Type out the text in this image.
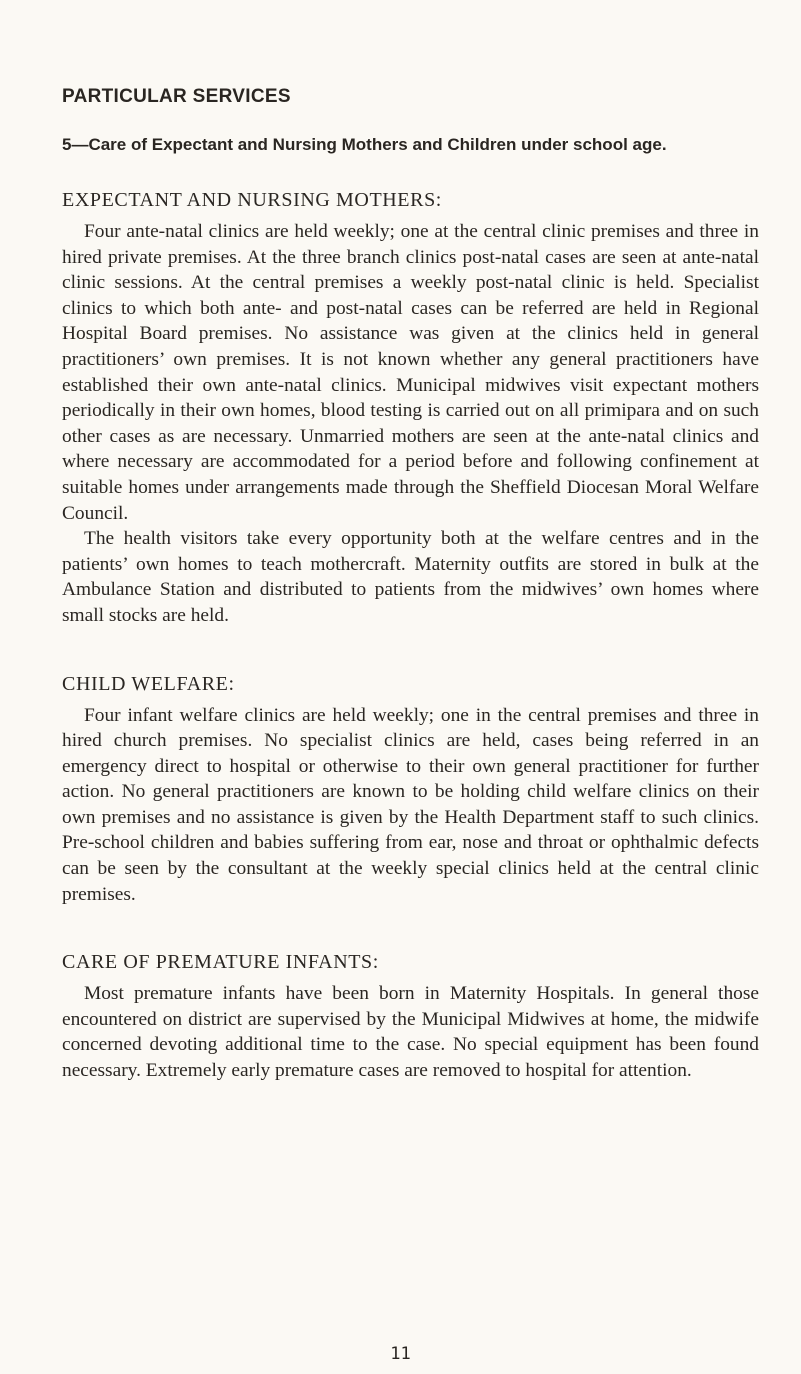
PARTICULAR SERVICES
5—Care of Expectant and Nursing Mothers and Children under school age.
EXPECTANT AND NURSING MOTHERS:

Four ante-natal clinics are held weekly; one at the central clinic premises and three in hired private premises. At the three branch clinics post-natal cases are seen at ante-natal clinic sessions. At the central premises a weekly post-natal clinic is held. Specialist clinics to which both ante- and post-natal cases can be referred are held in Regional Hospital Board premises. No assistance was given at the clinics held in general practitioners’ own premises. It is not known whether any general practitioners have established their own ante-natal clinics. Municipal midwives visit expectant mothers periodically in their own homes, blood testing is carried out on all primipara and on such other cases as are necessary. Unmarried mothers are seen at the ante-natal clinics and where necessary are accommodated for a period before and following confinement at suitable homes under arrangements made through the Sheffield Diocesan Moral Welfare Council.

The health visitors take every opportunity both at the welfare centres and in the patients’ own homes to teach mothercraft. Maternity outfits are stored in bulk at the Ambulance Station and distributed to patients from the midwives’ own homes where small stocks are held.

CHILD WELFARE:

Four infant welfare clinics are held weekly; one in the central premises and three in hired church premises. No specialist clinics are held, cases being referred in an emergency direct to hospital or otherwise to their own general practitioner for further action. No general practitioners are known to be holding child welfare clinics on their own premises and no assistance is given by the Health Department staff to such clinics. Pre-school children and babies suffering from ear, nose and throat or ophthalmic defects can be seen by the consultant at the weekly special clinics held at the central clinic premises.

CARE OF PREMATURE INFANTS:

Most premature infants have been born in Maternity Hospitals. In general those encountered on district are supervised by the Municipal Midwives at home, the midwife concerned devoting additional time to the case. No special equipment has been found necessary. Extremely early premature cases are removed to hospital for attention.

11
